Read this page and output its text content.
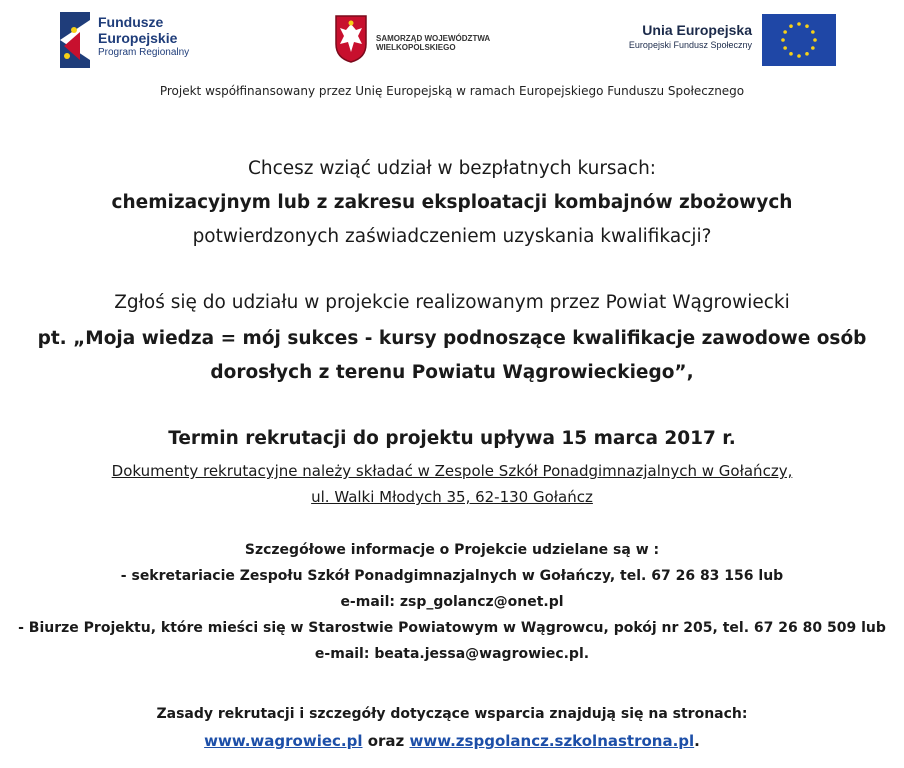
Fundusze
Europejskie
Program Regionalny
SAMORZĄD WOJEWÓDZTWA
WIELKOPOLSKIEGO
Unia Europejska
Europejski Fundusz Społeczny
Projekt współfinansowany przez Unię Europejską w ramach Europejskiego Funduszu Społecznego
Chcesz wziąć udział w bezpłatnych kursach:
chemizacyjnym lub z zakresu eksploatacji kombajnów zbożowych
potwierdzonych zaświadczeniem uzyskania kwalifikacji?
Zgłoś się do udziału w projekcie realizowanym przez Powiat Wągrowiecki
pt. „Moja wiedza = mój sukces - kursy podnoszące kwalifikacje zawodowe osób
dorosłych z terenu Powiatu Wągrowieckiego”,
Termin rekrutacji do projektu upływa 15 marca 2017 r.
Dokumenty rekrutacyjne należy składać w Zespole Szkół Ponadgimnazjalnych w Gołańczy,
ul. Walki Młodych 35, 62-130 Gołańcz
Szczegółowe informacje o Projekcie udzielane są w :
- sekretariacie Zespołu Szkół Ponadgimnazjalnych w Gołańczy, tel. 67 26 83 156 lub
e-mail: zsp_golancz@onet.pl
- Biurze Projektu, które mieści się w Starostwie Powiatowym w Wągrowcu, pokój nr 205, tel. 67 26 80 509 lub
e-mail: beata.jessa@wagrowiec.pl.
Zasady rekrutacji i szczegóły dotyczące wsparcia znajdują się na stronach:
www.wagrowiec.pl oraz www.zspgolancz.szkolnastrona.pl.
